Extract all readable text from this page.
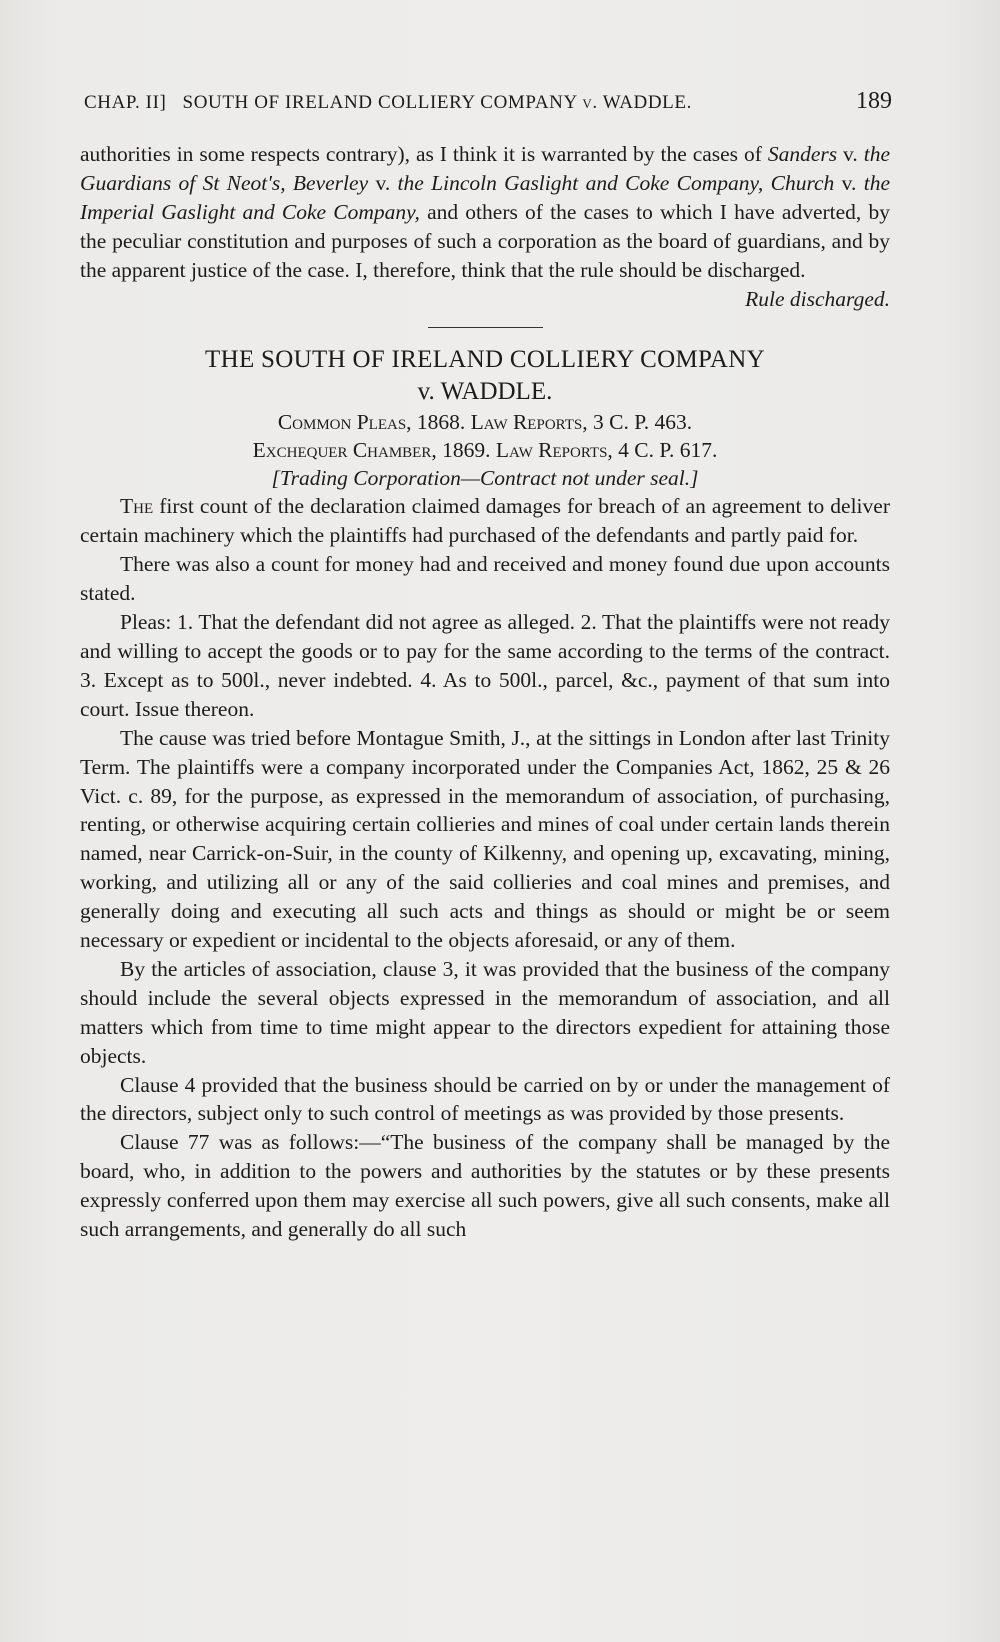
CHAP. II] SOUTH OF IRELAND COLLIERY COMPANY v. WADDLE.	189

authorities in some respects contrary), as I think it is warranted by the cases of Sanders v. the Guardians of St Neot's, Beverley v. the Lincoln Gaslight and Coke Company, Church v. the Imperial Gaslight and Coke Company, and others of the cases to which I have adverted, by the peculiar constitution and purposes of such a corporation as the board of guardians, and by the apparent justice of the case. I, therefore, think that the rule should be discharged.

Rule discharged.

THE SOUTH OF IRELAND COLLIERY COMPANY

v. WADDLE.

Common Pleas, 1868. Law Reports, 3 C. P. 463.

Exchequer Chamber, 1869. Law Reports, 4 C. P. 617.

[Trading Corporation—Contract not under seal.]

The first count of the declaration claimed damages for breach of an agreement to deliver certain machinery which the plaintiffs had purchased of the defendants and partly paid for.

There was also a count for money had and received and money found due upon accounts stated.

Pleas: 1. That the defendant did not agree as alleged. 2. That the plaintiffs were not ready and willing to accept the goods or to pay for the same according to the terms of the contract. 3. Except as to 500l., never indebted. 4. As to 500l., parcel, &c., payment of that sum into court. Issue thereon.

The cause was tried before Montague Smith, J., at the sittings in London after last Trinity Term. The plaintiffs were a company incorporated under the Companies Act, 1862, 25 & 26 Vict. c. 89, for the purpose, as expressed in the memorandum of association, of purchasing, renting, or otherwise acquiring certain collieries and mines of coal under certain lands therein named, near Carrick-on-Suir, in the county of Kilkenny, and opening up, excavating, mining, working, and utilizing all or any of the said collieries and coal mines and premises, and generally doing and executing all such acts and things as should or might be or seem necessary or expedient or incidental to the objects aforesaid, or any of them.

By the articles of association, clause 3, it was provided that the business of the company should include the several objects expressed in the memorandum of association, and all matters which from time to time might appear to the directors expedient for attaining those objects.

Clause 4 provided that the business should be carried on by or under the management of the directors, subject only to such control of meetings as was provided by those presents.

Clause 77 was as follows:—“The business of the company shall be managed by the board, who, in addition to the powers and authorities by the statutes or by these presents expressly conferred upon them may exercise all such powers, give all such consents, make all such arrangements, and generally do all such
